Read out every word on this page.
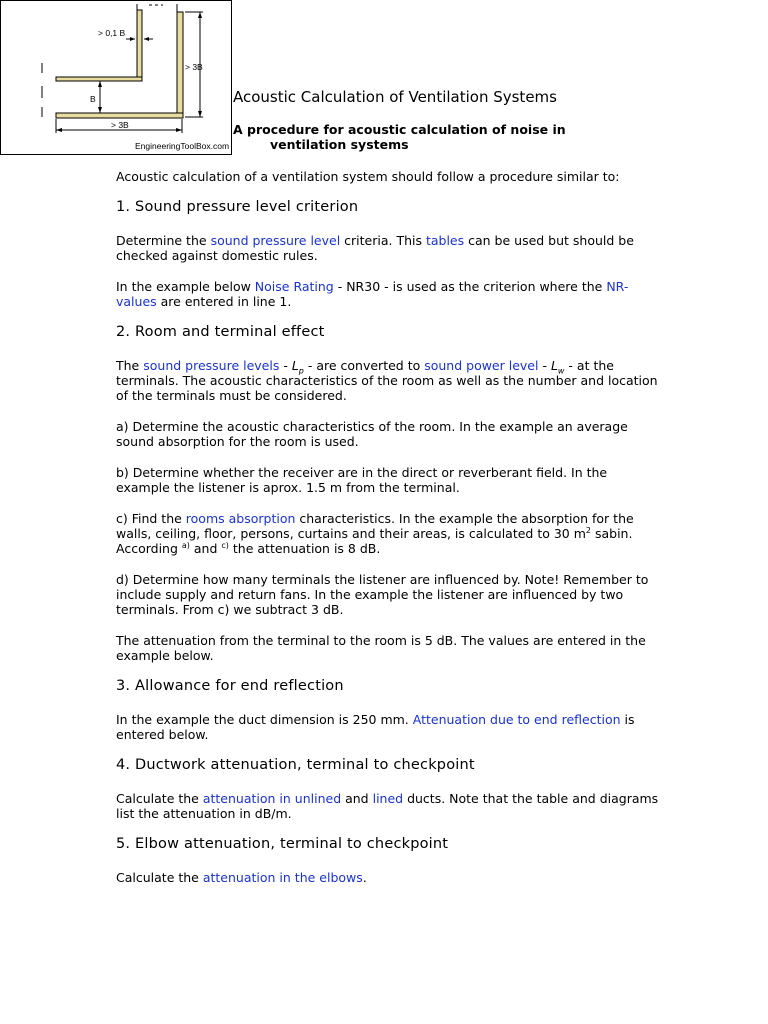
> 0,1 B
> 3B
B
> 3B
EngineeringToolBox.com
Acoustic Calculation of Ventilation Systems
A procedure for acoustic calculation of noise in
ventilation systems

Acoustic calculation of a ventilation system should follow a procedure similar to:

1. Sound pressure level criterion

Determine the sound pressure level criteria. This tables can be used but should be checked against domestic rules.

In the example below Noise Rating - NR30 - is used as the criterion where the NR-values are entered in line 1.

2. Room and terminal effect

The sound pressure levels - $L_p$ - are converted to sound power level - $L_w$ - at the terminals. The acoustic characteristics of the room as well as the number and location of the terminals must be considered.

a) Determine the acoustic characteristics of the room. In the example an average sound absorption for the room is used.

b) Determine whether the receiver are in the direct or reverberant field. In the example the listener is aprox. 1.5 m from the terminal.

c) Find the rooms absorption characteristics. In the example the absorption for the walls, ceiling, floor, persons, curtains and their areas, is calculated to 30 $m^2$ sabin. According $^{a)}$ and $^{c)}$ the attenuation is 8 dB.

d) Determine how many terminals the listener are influenced by. Note! Remember to include supply and return fans. In the example the listener are influenced by two terminals. From c) we subtract 3 dB.

The attenuation from the terminal to the room is 5 dB. The values are entered in the example below.

3. Allowance for end reflection

In the example the duct dimension is 250 mm. Attenuation due to end reflection is entered below.

4. Ductwork attenuation, terminal to checkpoint

Calculate the attenuation in unlined and lined ducts. Note that the table and diagrams list the attenuation in dB/m.

5. Elbow attenuation, terminal to checkpoint

Calculate the attenuation in the elbows.
